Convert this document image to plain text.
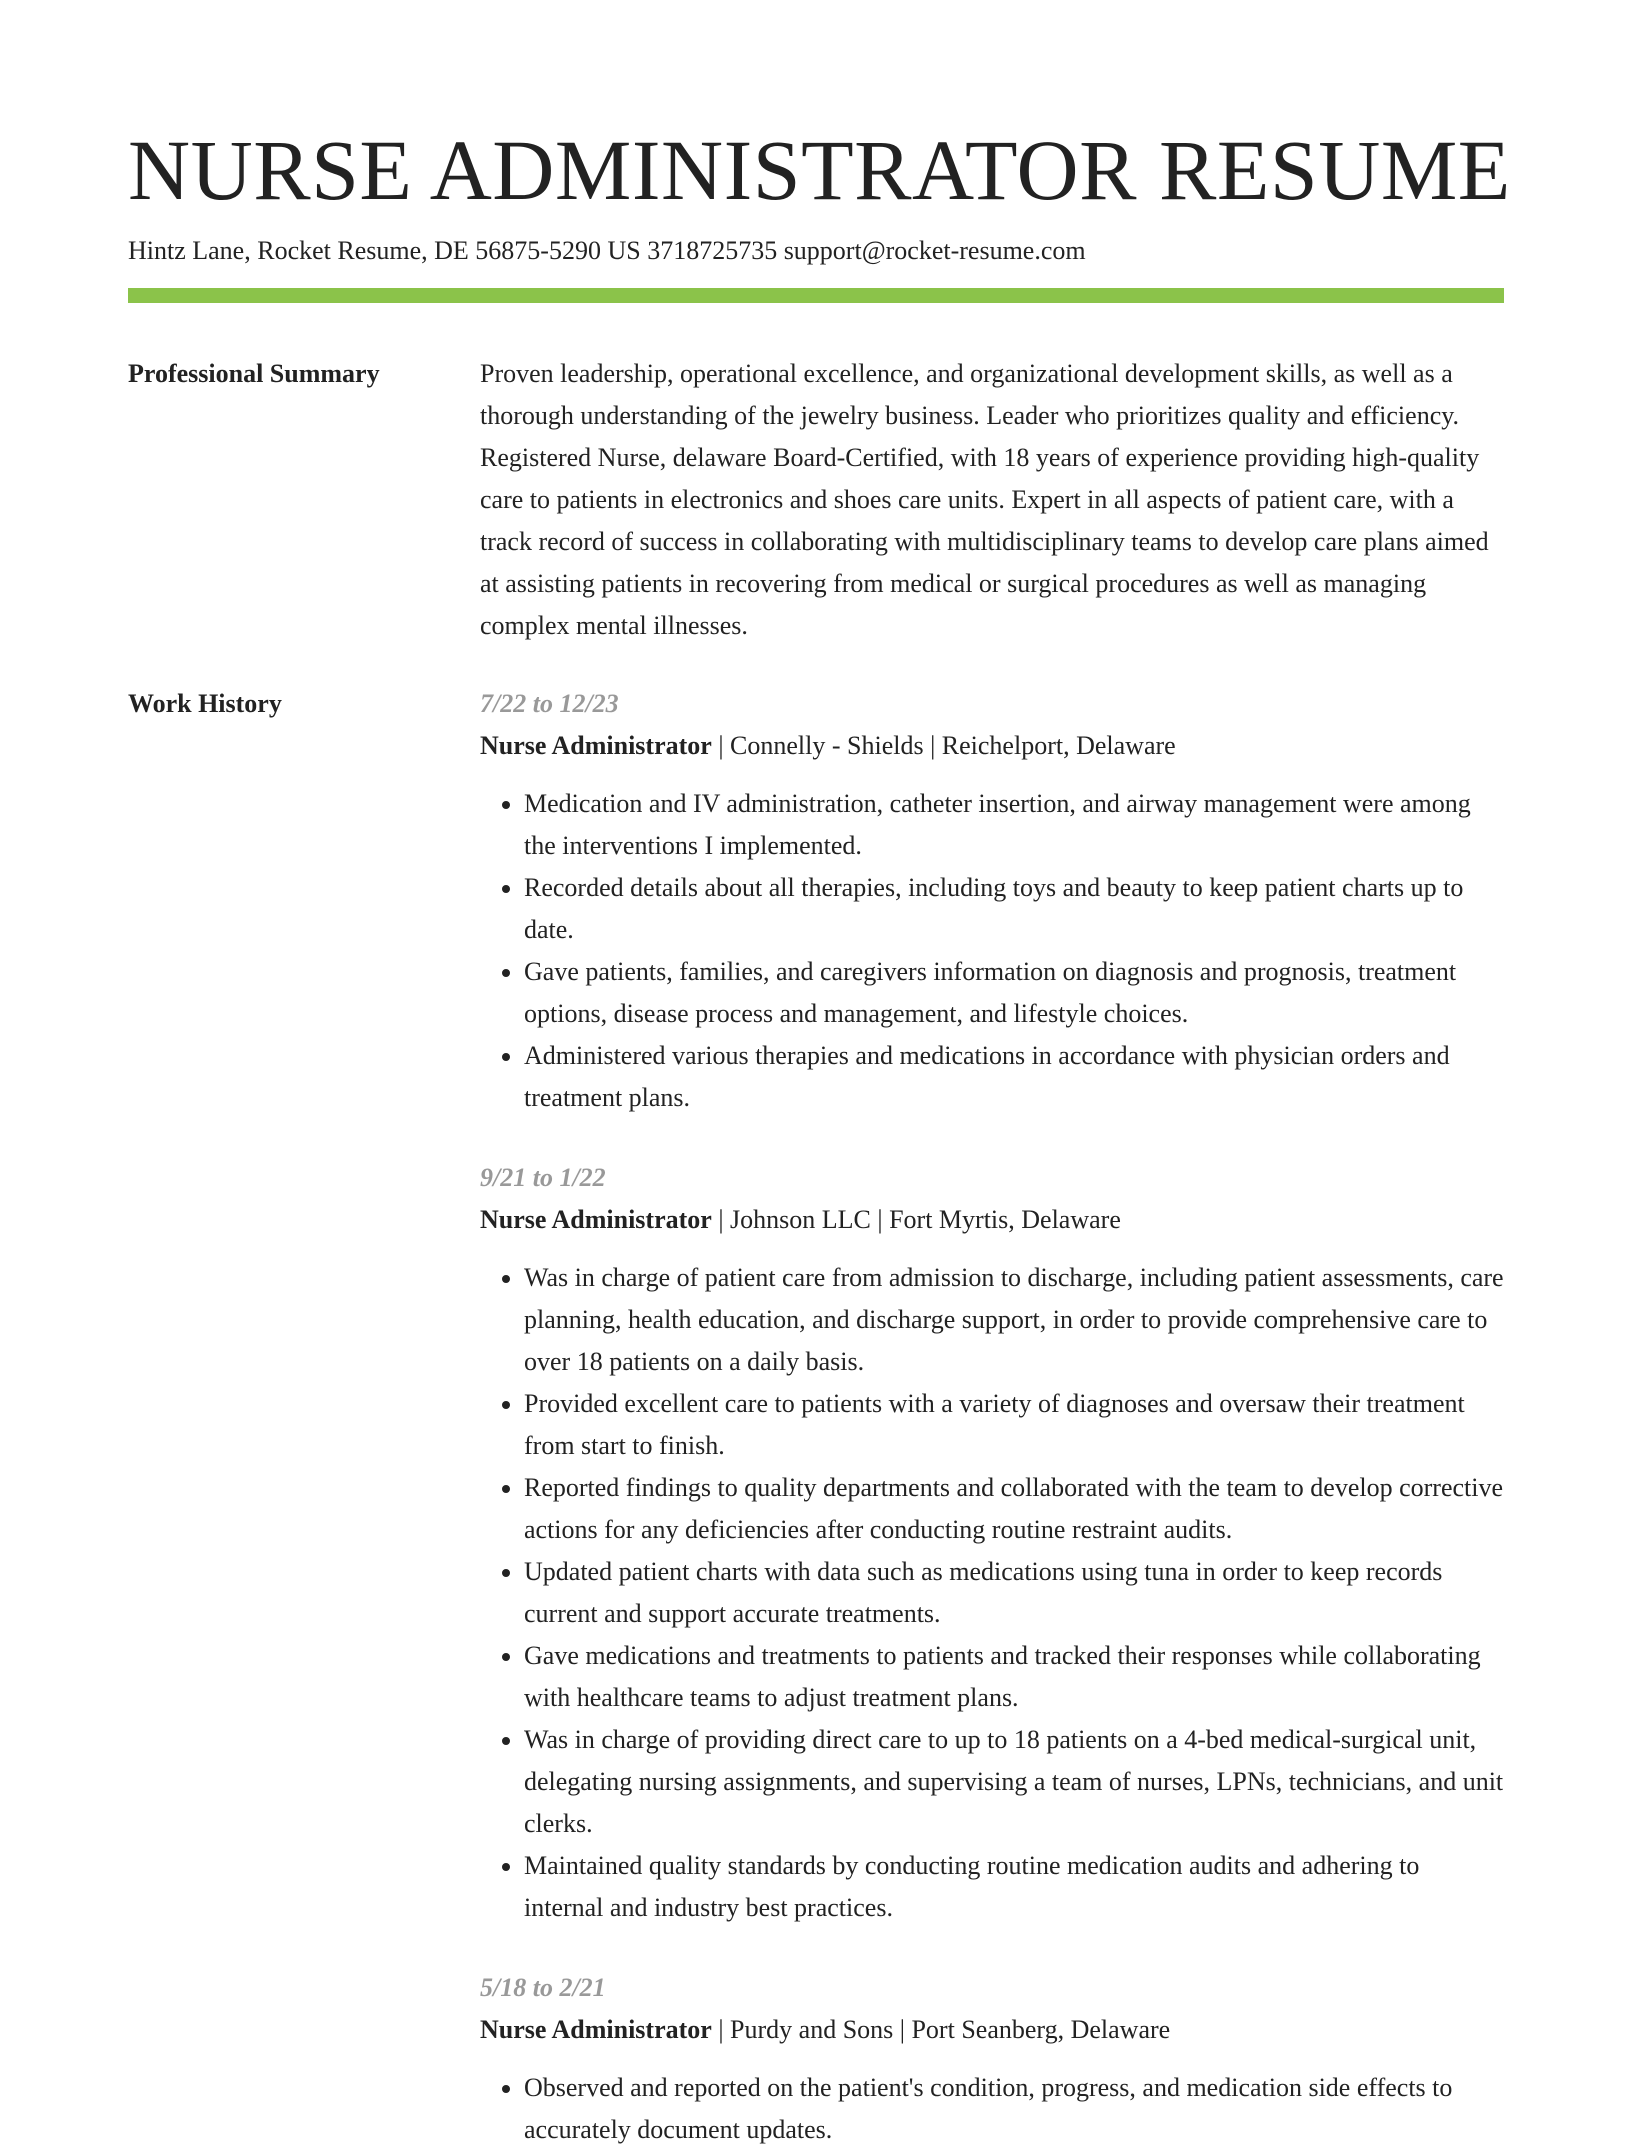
NURSE ADMINISTRATOR RESUME
Hintz Lane, Rocket Resume, DE 56875-5290 US 3718725735 support@rocket-resume.com
Professional Summary	Proven leadership, operational excellence, and organizational development skills, as well as a thorough understanding of the jewelry business. Leader who prioritizes quality and efficiency. Registered Nurse, delaware Board-Certified, with 18 years of experience providing high-quality care to patients in electronics and shoes care units. Expert in all aspects of patient care, with a track record of success in collaborating with multidisciplinary teams to develop care plans aimed at assisting patients in recovering from medical or surgical procedures as well as managing complex mental illnesses.

Work History	7/22 to 12/23
Nurse Administrator | Connelly - Shields | Reichelport, Delaware
• Medication and IV administration, catheter insertion, and airway management were among the interventions I implemented.
• Recorded details about all therapies, including toys and beauty to keep patient charts up to date.
• Gave patients, families, and caregivers information on diagnosis and prognosis, treatment options, disease process and management, and lifestyle choices.
• Administered various therapies and medications in accordance with physician orders and treatment plans.
9/21 to 1/22
Nurse Administrator | Johnson LLC | Fort Myrtis, Delaware
• Was in charge of patient care from admission to discharge, including patient assessments, care planning, health education, and discharge support, in order to provide comprehensive care to over 18 patients on a daily basis.
• Provided excellent care to patients with a variety of diagnoses and oversaw their treatment from start to finish.
• Reported findings to quality departments and collaborated with the team to develop corrective actions for any deficiencies after conducting routine restraint audits.
• Updated patient charts with data such as medications using tuna in order to keep records current and support accurate treatments.
• Gave medications and treatments to patients and tracked their responses while collaborating with healthcare teams to adjust treatment plans.
• Was in charge of providing direct care to up to 18 patients on a 4-bed medical-surgical unit, delegating nursing assignments, and supervising a team of nurses, LPNs, technicians, and unit clerks.
• Maintained quality standards by conducting routine medication audits and adhering to internal and industry best practices.
5/18 to 2/21
Nurse Administrator | Purdy and Sons | Port Seanberg, Delaware
• Observed and reported on the patient's condition, progress, and medication side effects to accurately document updates.
